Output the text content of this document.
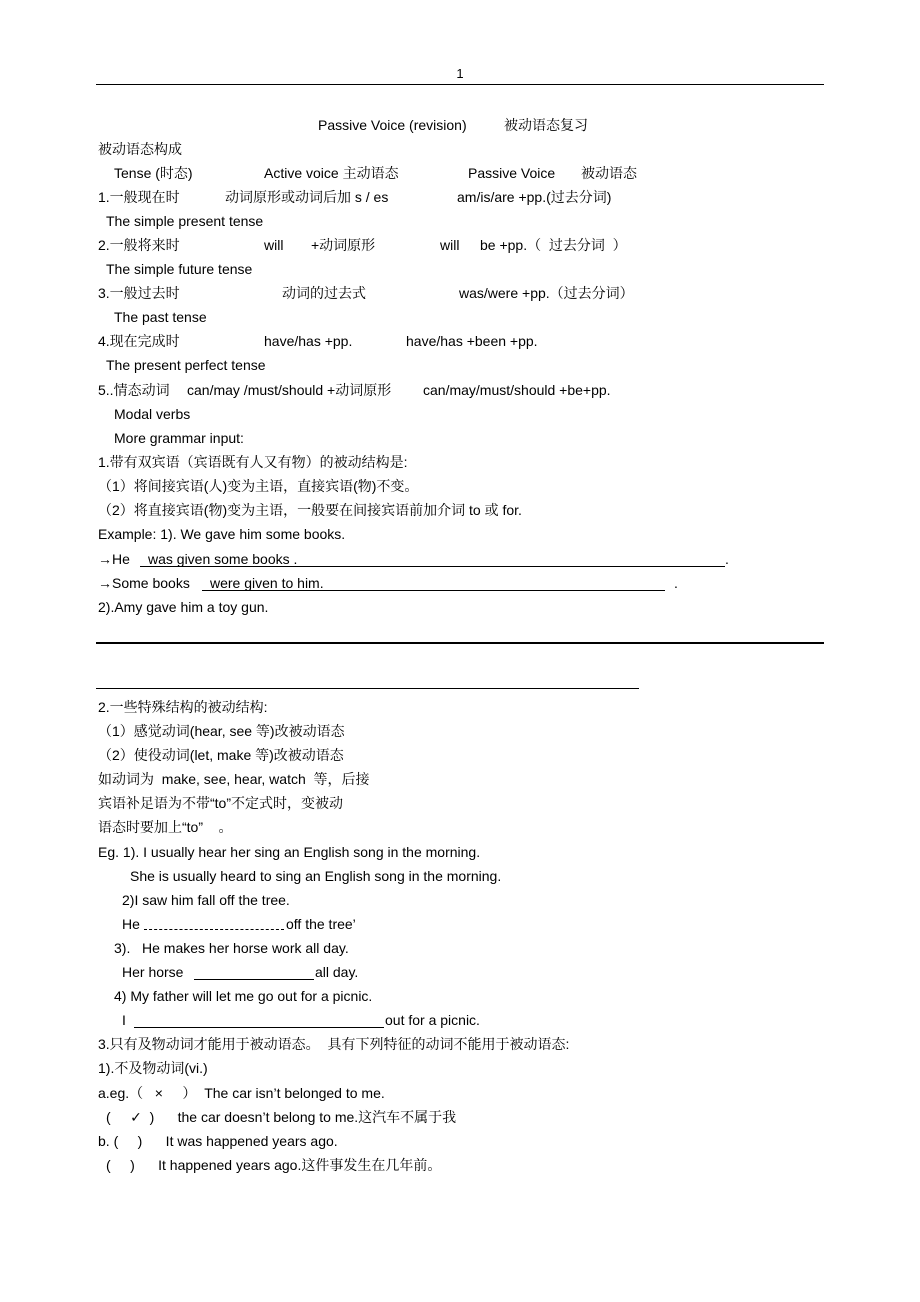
1
Passive Voice (revision)	被动语态复习
被动语态构成
Tense (时态)	Active voice 主动语态	Passive Voice 被动语态
1.一般现在时	动词原形或动词后加 s / es	am/is/are +pp.(过去分词)
The simple present tense
2.一般将来时	will +动词原形	will be +pp.（  过去分词  ）
The simple future tense
3.一般过去时	动词的过去式	was/were +pp.（过去分词）
The past tense
4.现在完成时	have/has +pp.	have/has +been +pp.
The present perfect tense
5..情态动词 can/may /must/should +动词原形 can/may/must/should +be+pp.
Modal verbs
More grammar input:
1.带有双宾语（宾语既有人又有物）的被动结构是:
（1）将间接宾语(人)变为主语，直接宾语(物)不变。
（2）将直接宾语(物)变为主语，一般要在间接宾语前加介词 to 或 for.
Example: 1). We gave him some books.
→He was given some books .	.
→Some books were given to him.	.
2).Amy gave him a toy gun.
2.一些特殊结构的被动结构:
（1）感觉动词(hear, see 等)改被动语态
（2）使役动词(let, make 等)改被动语态
如动词为  make, see, hear, watch  等，后接
宾语补足语为不带“to”不定式时，变被动
语态时要加上“to”    。
Eg. 1). I usually hear her sing an English song in the morning.
She is usually heard to sing an English song in the morning.
2)I saw him fall off the tree.
He	off the tree’
3).   He makes her horse work all day.
Her horse	all day.
4) My father will let me go out for a picnic.
I	out for a picnic.
3.只有及物动词才能用于被动语态。  具有下列特征的动词不能用于被动语态:
1).不及物动词(vi.)
a.eg.（   ×     ）  The car isn’t belonged to me.
(     ✓  )      the car doesn’t belong to me.这汽车不属于我
b. (     )      It was happened years ago.
(     )      It happened years ago.这件事发生在几年前。
